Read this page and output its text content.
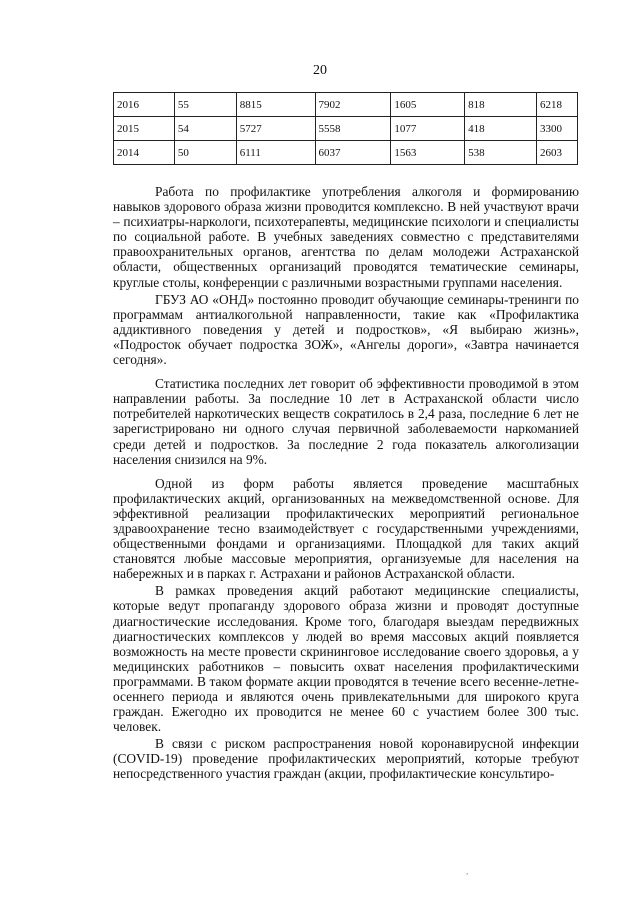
20
2016	55	8815	7902	1605	818	6218
2015	54	5727	5558	1077	418	3300
2014	50	6111	6037	1563	538	2603

Работа по профилактике употребления алкоголя и формированию навыков здорового образа жизни проводится комплексно. В ней участвуют врачи – психиатры-наркологи, психотерапевты, медицинские психологи и специалисты по социальной работе. В учебных заведениях совместно с представителями правоохранительных органов, агентства по делам молодежи Астраханской области, общественных организаций проводятся тематические семинары, круглые столы, конференции с различными возрастными группами населения.

ГБУЗ АО «ОНД» постоянно проводит обучающие семинары-тренинги по программам антиалкогольной направленности, такие как «Профилактика аддиктивного поведения у детей и подростков», «Я выбираю жизнь», «Подросток обучает подростка ЗОЖ», «Ангелы дороги», «Завтра начинается сегодня».

Статистика последних лет говорит об эффективности проводимой в этом направлении работы. За последние 10 лет в Астраханской области число потребителей наркотических веществ сократилось в 2,4 раза, последние 6 лет не зарегистрировано ни одного случая первичной заболеваемости наркоманией среди детей и подростков. За последние 2 года показатель алкоголизации населения снизился на 9%.

Одной из форм работы является проведение масштабных профилактических акций, организованных на межведомственной основе. Для эффективной реализации профилактических мероприятий региональное здравоохранение тесно взаимодействует с государственными учреждениями, общественными фондами и организациями. Площадкой для таких акций становятся любые массовые мероприятия, организуемые для населения на набережных и в парках г. Астрахани и районов Астраханской области.

В рамках проведения акций работают медицинские специалисты, которые ведут пропаганду здорового образа жизни и проводят доступные диагностические исследования. Кроме того, благодаря выездам передвижных диагностических комплексов у людей во время массовых акций появляется возможность на месте провести скрининговое исследование своего здоровья, а у медицинских работников – повысить охват населения профилактическими программами. В таком формате акции проводятся в течение всего весенне-летне-осеннего периода и являются очень привлекательными для широкого круга граждан. Ежегодно их проводится не менее 60 с участием более 300 тыс. человек.

В связи с риском распространения новой коронавирусной инфекции (COVID-19) проведение профилактических мероприятий, которые требуют непосредственного участия граждан (акции, профилактические консультиро-

,
